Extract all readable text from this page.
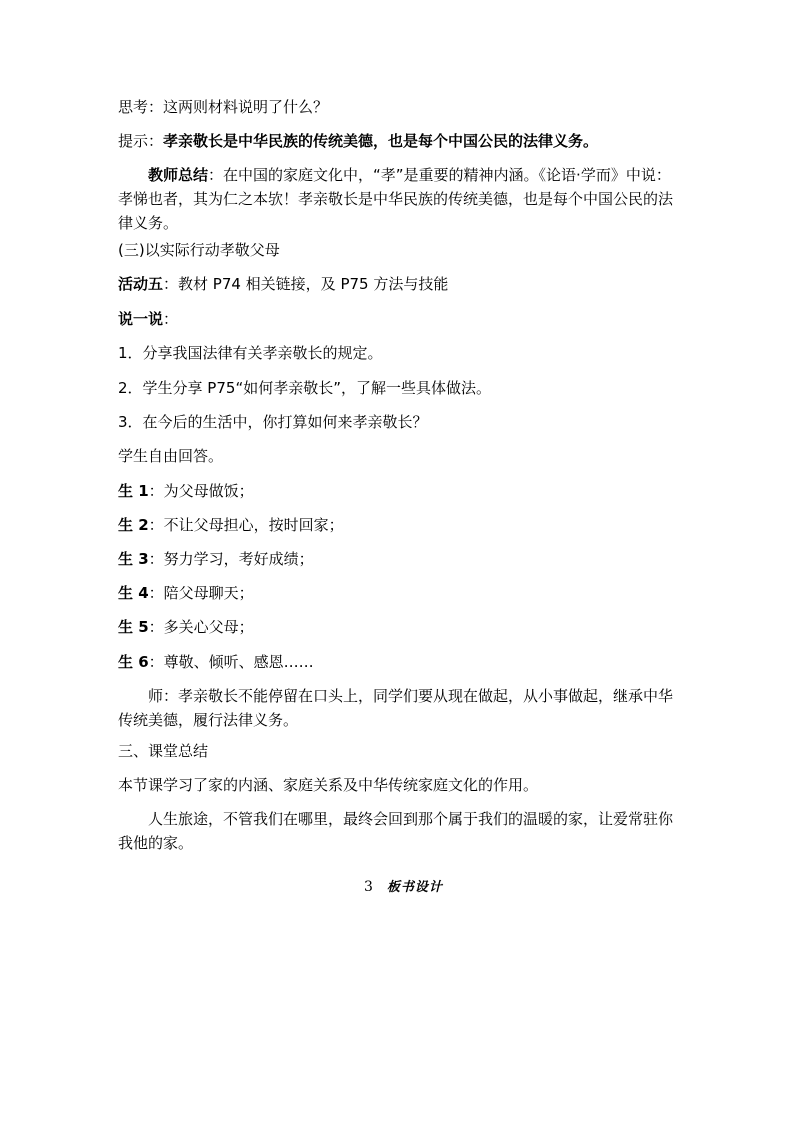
思考：这两则材料说明了什么？

提示：孝亲敬长是中华民族的传统美德，也是每个中国公民的法律义务。

教师总结：在中国的家庭文化中，“孝”是重要的精神内涵。《论语·学而》中说：孝悌也者，其为仁之本欤！孝亲敬长是中华民族的传统美德，也是每个中国公民的法律义务。

(三)以实际行动孝敬父母

活动五：教材 P74 相关链接，及 P75 方法与技能

说一说：

1．分享我国法律有关孝亲敬长的规定。

2．学生分享 P75“如何孝亲敬长”，了解一些具体做法。

3．在今后的生活中，你打算如何来孝亲敬长？

学生自由回答。

生 1：为父母做饭；

生 2：不让父母担心，按时回家；

生 3：努力学习，考好成绩；

生 4：陪父母聊天；

生 5：多关心父母；

生 6：尊敬、倾听、感恩……

师：孝亲敬长不能停留在口头上，同学们要从现在做起，从小事做起，继承中华传统美德，履行法律义务。

三、课堂总结

本节课学习了家的内涵、家庭关系及中华传统家庭文化的作用。

人生旅途，不管我们在哪里，最终会回到那个属于我们的温暖的家，让爱常驻你我他的家。

3 板书设计
